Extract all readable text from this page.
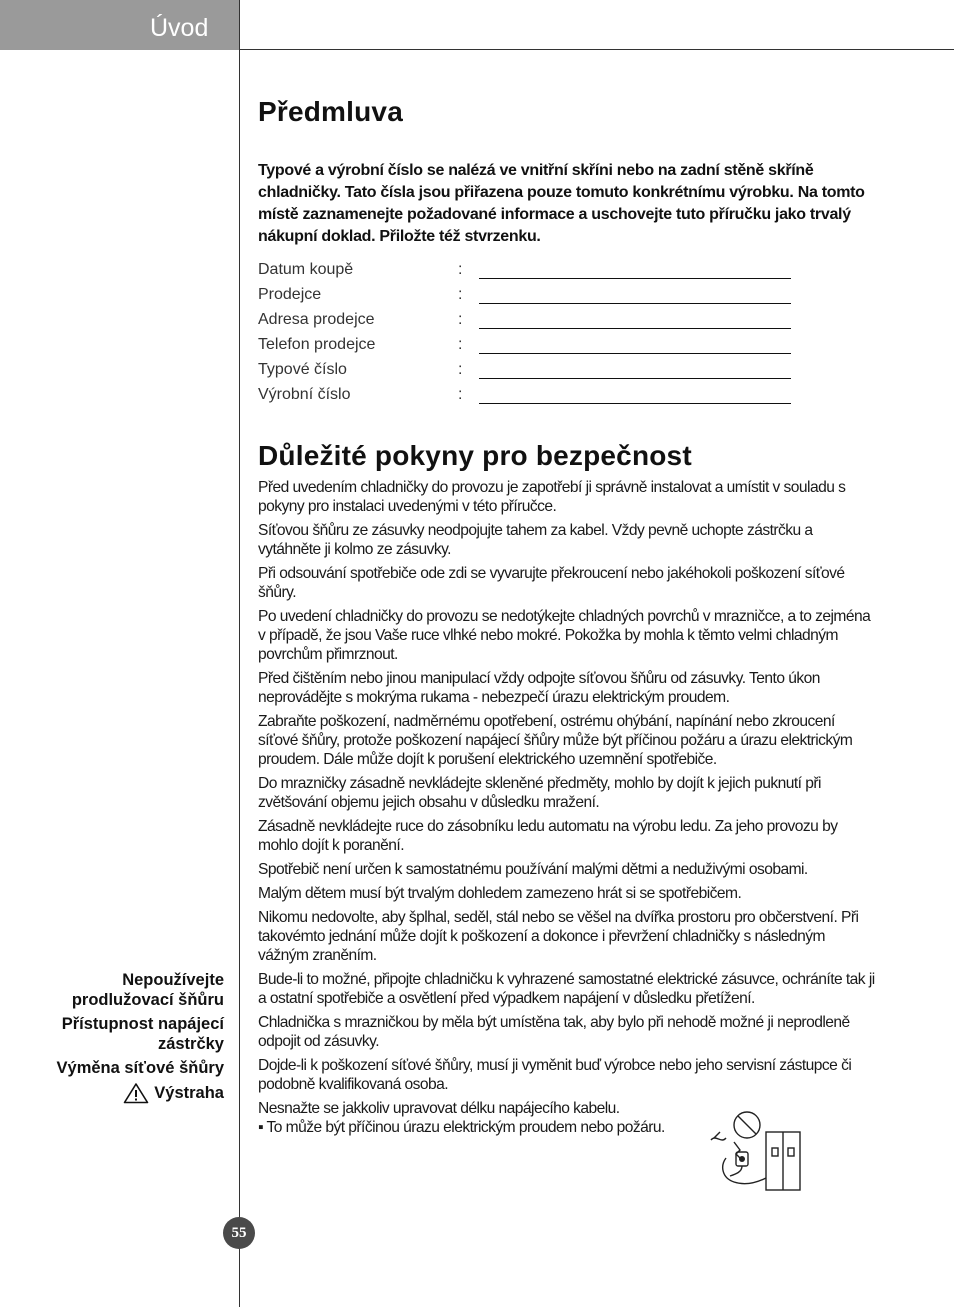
Úvod
Předmluva

Typové a výrobní číslo se nalézá ve vnitřní skříni nebo na zadní stěně skříně chladničky. Tato čísla jsou přiřazena pouze tomuto konkrétnímu výrobku. Na tomto místě zaznamenejte požadované informace a uschovejte tuto příručku jako trvalý nákupní doklad. Přiložte též stvrzenku.

Datum koupě	:
Prodejce	:
Adresa prodejce	:
Telefon prodejce	:
Typové číslo	:
Výrobní číslo	:
Důležité pokyny pro bezpečnost

Před uvedením chladničky do provozu je zapotřebí ji správně instalovat a umístit v souladu s pokyny pro instalaci uvedenými v této příručce.

Síťovou šňůru ze zásuvky neodpojujte tahem za kabel. Vždy pevně uchopte zástrčku a vytáhněte ji kolmo ze zásuvky.

Při odsouvání spotřebiče ode zdi se vyvarujte překroucení nebo jakéhokoli poškození síťové šňůry.

Po uvedení chladničky do provozu se nedotýkejte chladných povrchů v mrazničce, a to zejména v případě, že jsou Vaše ruce vlhké nebo mokré. Pokožka by mohla k těmto velmi chladným povrchům přimrznout.

Před čištěním nebo jinou manipulací vždy odpojte síťovou šňůru od zásuvky. Tento úkon neprovádějte s mokrýma rukama - nebezpečí úrazu elektrickým proudem.

Zabraňte poškození, nadměrnému opotřebení, ostrému ohýbání, napínání nebo zkroucení síťové šňůry, protože poškození napájecí šňůry může být příčinou požáru a úrazu elektrickým proudem. Dále může dojít k porušení elektrického uzemnění spotřebiče.

Do mrazničky zásadně nevkládejte skleněné předměty, mohlo by dojít k jejich puknutí při zvětšování objemu jejich obsahu v důsledku mražení.

Zásadně nevkládejte ruce do zásobníku ledu automatu na výrobu ledu. Za jeho provozu by mohlo dojít k poranění.

Spotřebič není určen k samostatnému používání malými dětmi a neduživými osobami.

Malým dětem musí být trvalým dohledem zamezeno hrát si se spotřebičem.

Nikomu nedovolte, aby šplhal, seděl, stál nebo se věšel na dvířka prostoru pro občerstvení. Při takovémto jednání může dojít k poškození a dokonce i převržení chladničky s následným vážným zraněním.

Bude-li to možné, připojte chladničku k vyhrazené samostatné elektrické zásuvce, ochráníte tak ji a ostatní spotřebiče a osvětlení před výpadkem napájení v důsledku přetížení.

Chladnička s mrazničkou by měla být umístěna tak, aby bylo při nehodě možné ji neprodleně odpojit od zásuvky.

Dojde-li k poškození síťové šňůry, musí ji vyměnit buď výrobce nebo jeho servisní zástupce či podobně kvalifikovaná osoba.

Nesnažte se jakkoliv upravovat délku napájecího kabelu.

▪ To může být příčinou úrazu elektrickým proudem nebo požáru.

Nepoužívejte prodlužovací šňůru
Přístupnost napájecí zástrčky
Výměna síťové šňůry
Výstraha
55
